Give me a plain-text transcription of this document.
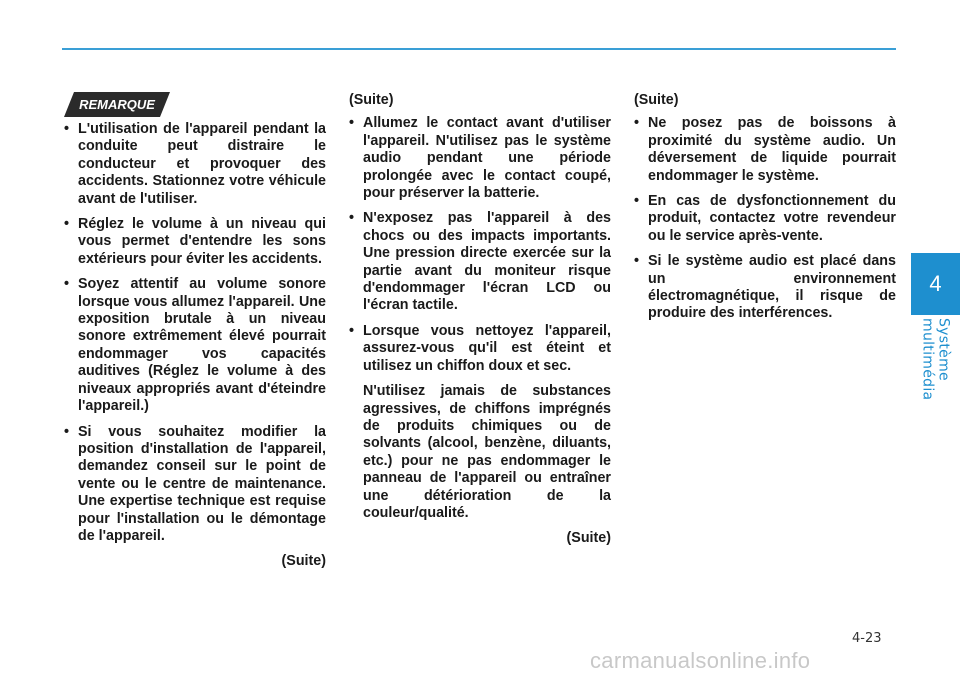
4
Système multimédia
REMARQUE

• L'utilisation de l'appareil pendant la conduite peut distraire le conducteur et provoquer des accidents. Stationnez votre véhicule avant de l'utiliser.

• Réglez le volume à un niveau qui vous permet d'entendre les sons extérieurs pour éviter les accidents.

• Soyez attentif au volume sonore lorsque vous allumez l'appareil. Une exposition brutale à un niveau sonore extrêmement élevé pourrait endommager vos capacités auditives (Réglez le volume à des niveaux appropriés avant d'éteindre l'appareil.)

• Si vous souhaitez modifier la position d'installation de l'appareil, demandez conseil sur le point de vente ou le centre de maintenance. Une expertise technique est requise pour l'installation ou le démontage de l'appareil.

(Suite)

(Suite)

• Allumez le contact avant d'utiliser l'appareil. N'utilisez pas le système audio pendant une période prolongée avec le contact coupé, pour préserver la batterie.

• N'exposez pas l'appareil à des chocs ou des impacts importants. Une pression directe exercée sur la partie avant du moniteur risque d'endommager l'écran LCD ou l'écran tactile.

• Lorsque vous nettoyez l'appareil, assurez-vous qu'il est éteint et utilisez un chiffon doux et sec.

N'utilisez jamais de substances agressives, de chiffons imprégnés de produits chimiques ou de solvants (alcool, benzène, diluants, etc.) pour ne pas endommager le panneau de l'appareil ou entraîner une détérioration de la couleur/qualité.

(Suite)

(Suite)

• Ne posez pas de boissons à proximité du système audio. Un déversement de liquide pourrait endommager le système.

• En cas de dysfonctionnement du produit, contactez votre revendeur ou le service après-vente.

• Si le système audio est placé dans un environnement électromagnétique, il risque de produire des interférences.

4-23
carmanualsonline.info
